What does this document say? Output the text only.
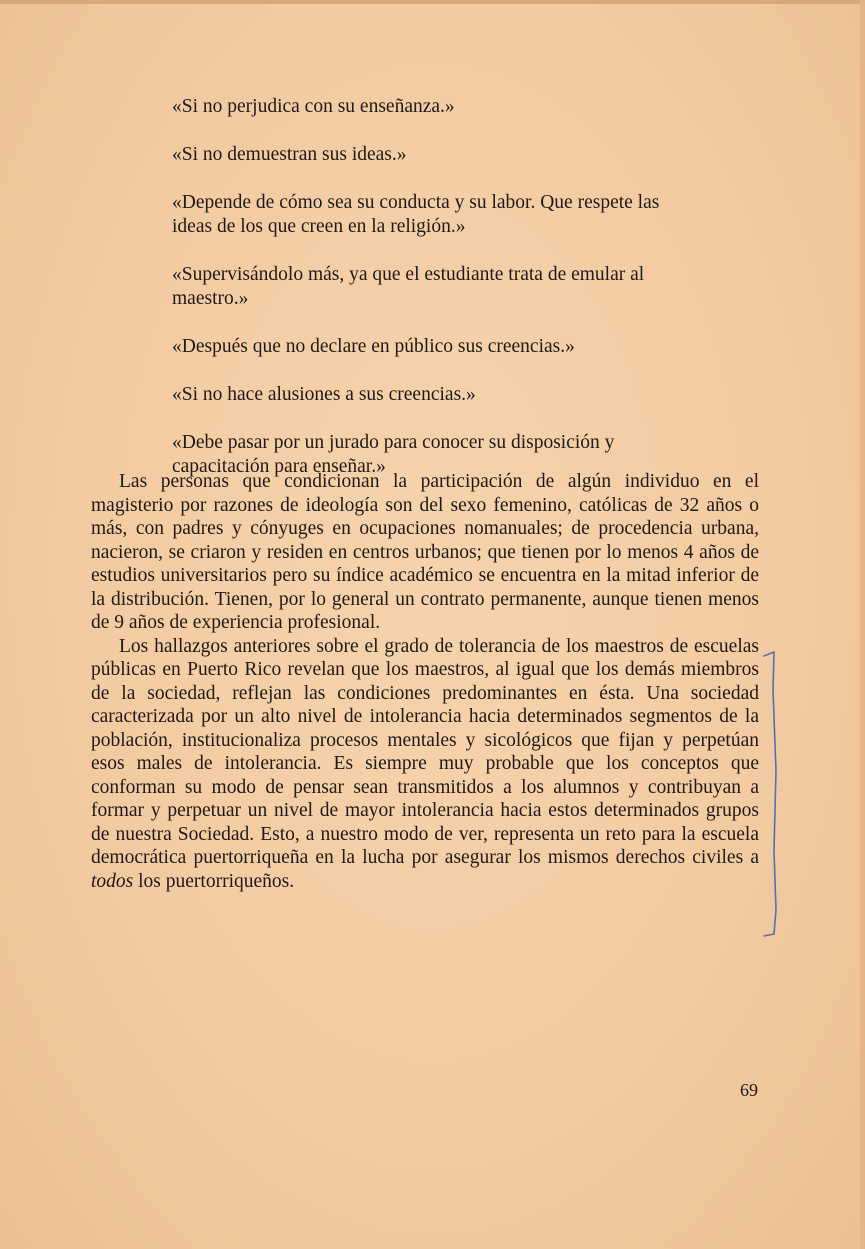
«Si no perjudica con su enseñanza.»

«Si no demuestran sus ideas.»

«Depende de cómo sea su conducta y su labor. Que respete las ideas de los que creen en la religión.»

«Supervisándolo más, ya que el estudiante trata de emular al maestro.»

«Después que no declare en público sus creencias.»

«Si no hace alusiones a sus creencias.»

«Debe pasar por un jurado para conocer su disposición y capacitación para enseñar.»

Las personas que condicionan la participación de algún individuo en el magisterio por razones de ideología son del sexo femenino, católicas de 32 años o más, con padres y cónyuges en ocupaciones nomanuales; de procedencia urbana, nacieron, se criaron y residen en centros urbanos; que tienen por lo menos 4 años de estudios universitarios pero su índice académico se encuentra en la mitad inferior de la distribución. Tienen, por lo general un contrato permanente, aunque tienen menos de 9 años de experiencia profesional.

Los hallazgos anteriores sobre el grado de tolerancia de los maestros de escuelas públicas en Puerto Rico revelan que los maestros, al igual que los demás miembros de la sociedad, reflejan las condiciones predominantes en ésta. Una sociedad caracterizada por un alto nivel de intolerancia hacia determinados segmentos de la población, institucionaliza procesos mentales y sicológicos que fijan y perpetúan esos males de intolerancia. Es siempre muy probable que los conceptos que conforman su modo de pensar sean transmitidos a los alumnos y contribuyan a formar y perpetuar un nivel de mayor intolerancia hacia estos determinados grupos de nuestra Sociedad. Esto, a nuestro modo de ver, representa un reto para la escuela democrática puertorriqueña en la lucha por asegurar los mismos derechos civiles a todos los puertorriqueños.

69
